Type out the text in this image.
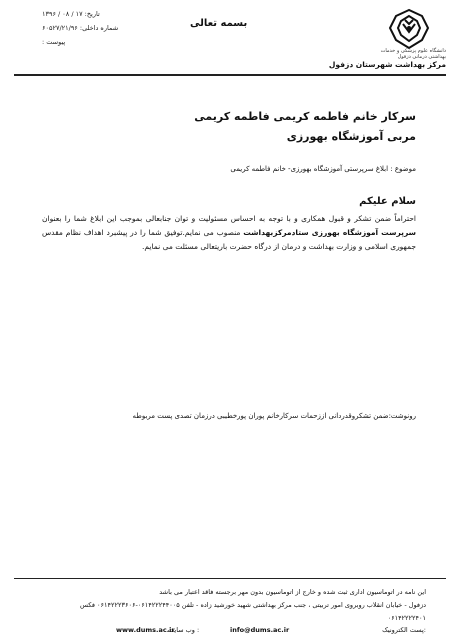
دانشگاه علوم پزشکی و خدمات بهداشتی درمانی دزفول
مرکز بهداشت شهرستان دزفول
بسمه تعالی
تاریخ: ۱۷ / ۰۸ / ۱۳۹۶
شماره داخلی: ۶۰۵۲۷/۲۱/۹۶
پیوست :
سرکار خانم فاطمه کریمی فاطمه کریمی
مربی آموزشگاه بهورزی
موضوع : ابلاغ سرپرستی آموزشگاه بهورزی- خانم فاطمه کریمی
سلام علیکم
احتراماً ضمن تشکر و قبول همکاری و با توجه به احساس مسئولیت و توان جنابعالی بموجب این ابلاغ شما را بعنوان سرپرست آموزشگاه بهورزی ستادمرکزبهداشت منصوب می نمایم.توفیق شما را در پیشبرد اهداف نظام مقدس جمهوری اسلامی و وزارت بهداشت و درمان از درگاه حضرت باریتعالی مسئلت می نمایم.
رونوشت:ضمن تشکروقدردانی اززحمات سرکارخانم پوران پورخطیبی درزمان تصدی پست مربوطه
این نامه در اتوماسیون اداری ثبت شده و خارج از اتوماسیون بدون مهر برجسته فاقد اعتبار می باشد
دزفول - خیابان انقلاب روبروی امور تربیتی ، جنب مرکز بهداشتی شهید خورشید زاده - تلفن ۰۶۱۴۲۲۲۴۴۰۰۵-۰۶۱۴۲۲۲۳۶۰۶ فکس
۰۶۱۴۲۲۲۲۴۰۱
پست الکترونیک:
info@dums.ac.ir
وب سایت :
www.dums.ac.ir
